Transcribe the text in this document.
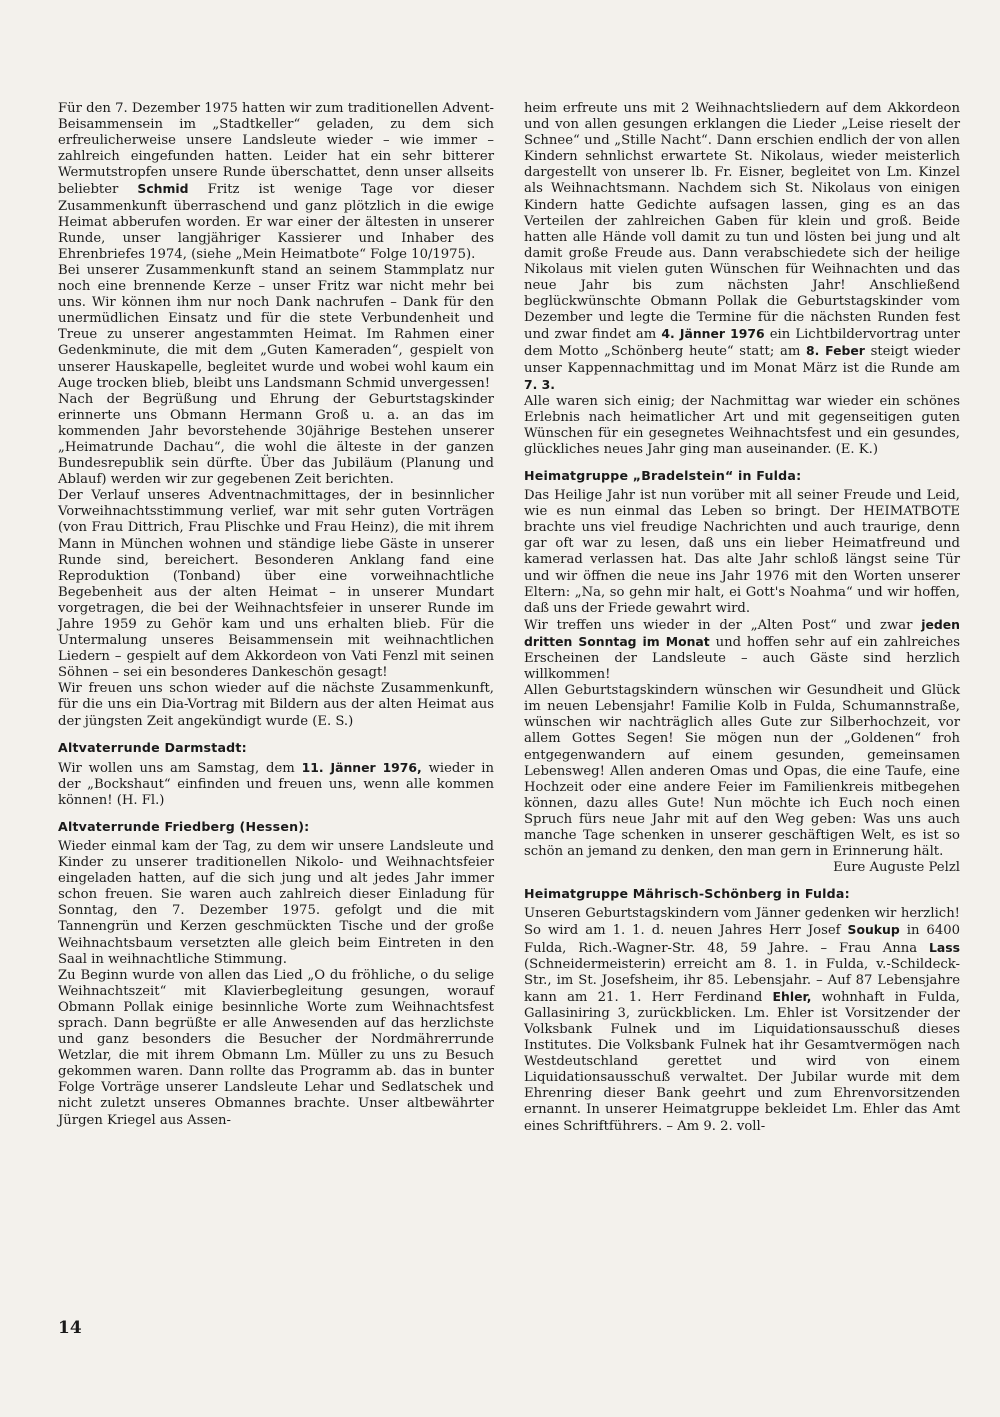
Für den 7. Dezember 1975 hatten wir zum traditionellen Advent-Beisammensein im „Stadtkeller“ geladen, zu dem sich erfreulicherweise unsere Landsleute wieder – wie immer – zahlreich eingefunden hatten. Leider hat ein sehr bitterer Wermutstropfen unsere Runde überschattet, denn unser allseits beliebter Schmid Fritz ist wenige Tage vor dieser Zusammenkunft überraschend und ganz plötzlich in die ewige Heimat abberufen worden. Er war einer der ältesten in unserer Runde, unser langjähriger Kassierer und Inhaber des Ehrenbriefes 1974, (siehe „Mein Heimatbote“ Folge 10/1975).

Bei unserer Zusammenkunft stand an seinem Stammplatz nur noch eine brennende Kerze – unser Fritz war nicht mehr bei uns. Wir können ihm nur noch Dank nachrufen – Dank für den unermüdlichen Einsatz und für die stete Verbundenheit und Treue zu unserer angestammten Heimat. Im Rahmen einer Gedenkminute, die mit dem „Guten Kameraden“, gespielt von unserer Hauskapelle, begleitet wurde und wobei wohl kaum ein Auge trocken blieb, bleibt uns Landsmann Schmid unvergessen!

Nach der Begrüßung und Ehrung der Geburtstagskinder erinnerte uns Obmann Hermann Groß u. a. an das im kommenden Jahr bevorstehende 30jährige Bestehen unserer „Heimatrunde Dachau“, die wohl die älteste in der ganzen Bundesrepublik sein dürfte. Über das Jubiläum (Planung und Ablauf) werden wir zur gegebenen Zeit berichten.

Der Verlauf unseres Adventnachmittages, der in besinnlicher Vorweihnachtsstimmung verlief, war mit sehr guten Vorträgen (von Frau Dittrich, Frau Plischke und Frau Heinz), die mit ihrem Mann in München wohnen und ständige liebe Gäste in unserer Runde sind, bereichert. Besonderen Anklang fand eine Reproduktion (Tonband) über eine vorweihnachtliche Begebenheit aus der alten Heimat – in unserer Mundart vorgetragen, die bei der Weihnachtsfeier in unserer Runde im Jahre 1959 zu Gehör kam und uns erhalten blieb. Für die Untermalung unseres Beisammensein mit weihnachtlichen Liedern – gespielt auf dem Akkordeon von Vati Fenzl mit seinen Söhnen – sei ein besonderes Dankeschön gesagt!

Wir freuen uns schon wieder auf die nächste Zusammenkunft, für die uns ein Dia-Vortrag mit Bildern aus der alten Heimat aus der jüngsten Zeit angekündigt wurde (E. S.)

Altvaterrunde Darmstadt:

Wir wollen uns am Samstag, dem 11. Jänner 1976, wieder in der „Bockshaut“ einfinden und freuen uns, wenn alle kommen können! (H. Fl.)

Altvaterrunde Friedberg (Hessen):

Wieder einmal kam der Tag, zu dem wir unsere Landsleute und Kinder zu unserer traditionellen Nikolo- und Weihnachtsfeier eingeladen hatten, auf die sich jung und alt jedes Jahr immer schon freuen. Sie waren auch zahlreich dieser Einladung für Sonntag, den 7. Dezember 1975. gefolgt und die mit Tannengrün und Kerzen geschmückten Tische und der große Weihnachtsbaum versetzten alle gleich beim Eintreten in den Saal in weihnachtliche Stimmung.

Zu Beginn wurde von allen das Lied „O du fröhliche, o du selige Weihnachtszeit“ mit Klavierbegleitung gesungen, worauf Obmann Pollak einige besinnliche Worte zum Weihnachtsfest sprach. Dann begrüßte er alle Anwesenden auf das herzlichste und ganz besonders die Besucher der Nordmährerrunde Wetzlar, die mit ihrem Obmann Lm. Müller zu uns zu Besuch gekommen waren. Dann rollte das Programm ab. das in bunter Folge Vorträge unserer Landsleute Lehar und Sedlatschek und nicht zuletzt unseres Obmannes brachte. Unser altbewährter Jürgen Kriegel aus Assen-

heim erfreute uns mit 2 Weihnachtsliedern auf dem Akkordeon und von allen gesungen erklangen die Lieder „Leise rieselt der Schnee“ und „Stille Nacht“. Dann erschien endlich der von allen Kindern sehnlichst erwartete St. Nikolaus, wieder meisterlich dargestellt von unserer lb. Fr. Eisner, begleitet von Lm. Kinzel als Weihnachtsmann. Nachdem sich St. Nikolaus von einigen Kindern hatte Gedichte aufsagen lassen, ging es an das Verteilen der zahlreichen Gaben für klein und groß. Beide hatten alle Hände voll damit zu tun und lösten bei jung und alt damit große Freude aus. Dann verabschiedete sich der heilige Nikolaus mit vielen guten Wünschen für Weihnachten und das neue Jahr bis zum nächsten Jahr! Anschließend beglückwünschte Obmann Pollak die Geburtstagskinder vom Dezember und legte die Termine für die nächsten Runden fest und zwar findet am 4. Jänner 1976 ein Lichtbildervortrag unter dem Motto „Schönberg heute“ statt; am 8. Feber steigt wieder unser Kappennachmittag und im Monat März ist die Runde am 7. 3.

Alle waren sich einig; der Nachmittag war wieder ein schönes Erlebnis nach heimatlicher Art und mit gegenseitigen guten Wünschen für ein gesegnetes Weihnachtsfest und ein gesundes, glückliches neues Jahr ging man auseinander. (E. K.)

Heimatgruppe „Bradelstein“ in Fulda:

Das Heilige Jahr ist nun vorüber mit all seiner Freude und Leid, wie es nun einmal das Leben so bringt. Der HEIMATBOTE brachte uns viel freudige Nachrichten und auch traurige, denn gar oft war zu lesen, daß uns ein lieber Heimatfreund und kamerad verlassen hat. Das alte Jahr schloß längst seine Tür und wir öffnen die neue ins Jahr 1976 mit den Worten unserer Eltern: „Na, so gehn mir halt, ei Gott's Noahma“ und wir hoffen, daß uns der Friede gewahrt wird.

Wir treffen uns wieder in der „Alten Post“ und zwar jeden dritten Sonntag im Monat und hoffen sehr auf ein zahlreiches Erscheinen der Landsleute – auch Gäste sind herzlich willkommen!

Allen Geburtstagskindern wünschen wir Gesundheit und Glück im neuen Lebensjahr! Familie Kolb in Fulda, Schumannstraße, wünschen wir nachträglich alles Gute zur Silberhochzeit, vor allem Gottes Segen! Sie mögen nun der „Goldenen“ froh entgegenwandern auf einem gesunden, gemeinsamen Lebensweg! Allen anderen Omas und Opas, die eine Taufe, eine Hochzeit oder eine andere Feier im Familienkreis mitbegehen können, dazu alles Gute! Nun möchte ich Euch noch einen Spruch fürs neue Jahr mit auf den Weg geben: Was uns auch manche Tage schenken in unserer geschäftigen Welt, es ist so schön an jemand zu denken, den man gern in Erinnerung hält.

Eure Auguste Pelzl

Heimatgruppe Mährisch-Schönberg in Fulda:

Unseren Geburtstagskindern vom Jänner gedenken wir herzlich! So wird am 1. 1. d. neuen Jahres Herr Josef Soukup in 6400 Fulda, Rich.-Wagner-Str. 48, 59 Jahre. – Frau Anna Lass (Schneidermeisterin) erreicht am 8. 1. in Fulda, v.-Schildeck-Str., im St. Josefsheim, ihr 85. Lebensjahr. – Auf 87 Lebensjahre kann am 21. 1. Herr Ferdinand Ehler, wohnhaft in Fulda, Gallasiniring 3, zurückblicken. Lm. Ehler ist Vorsitzender der Volksbank Fulnek und im Liquidationsausschuß dieses Institutes. Die Volksbank Fulnek hat ihr Gesamtvermögen nach Westdeutschland gerettet und wird von einem Liquidationsausschuß verwaltet. Der Jubilar wurde mit dem Ehrenring dieser Bank geehrt und zum Ehrenvorsitzenden ernannt. In unserer Heimatgruppe bekleidet Lm. Ehler das Amt eines Schriftführers. – Am 9. 2. voll-

14
